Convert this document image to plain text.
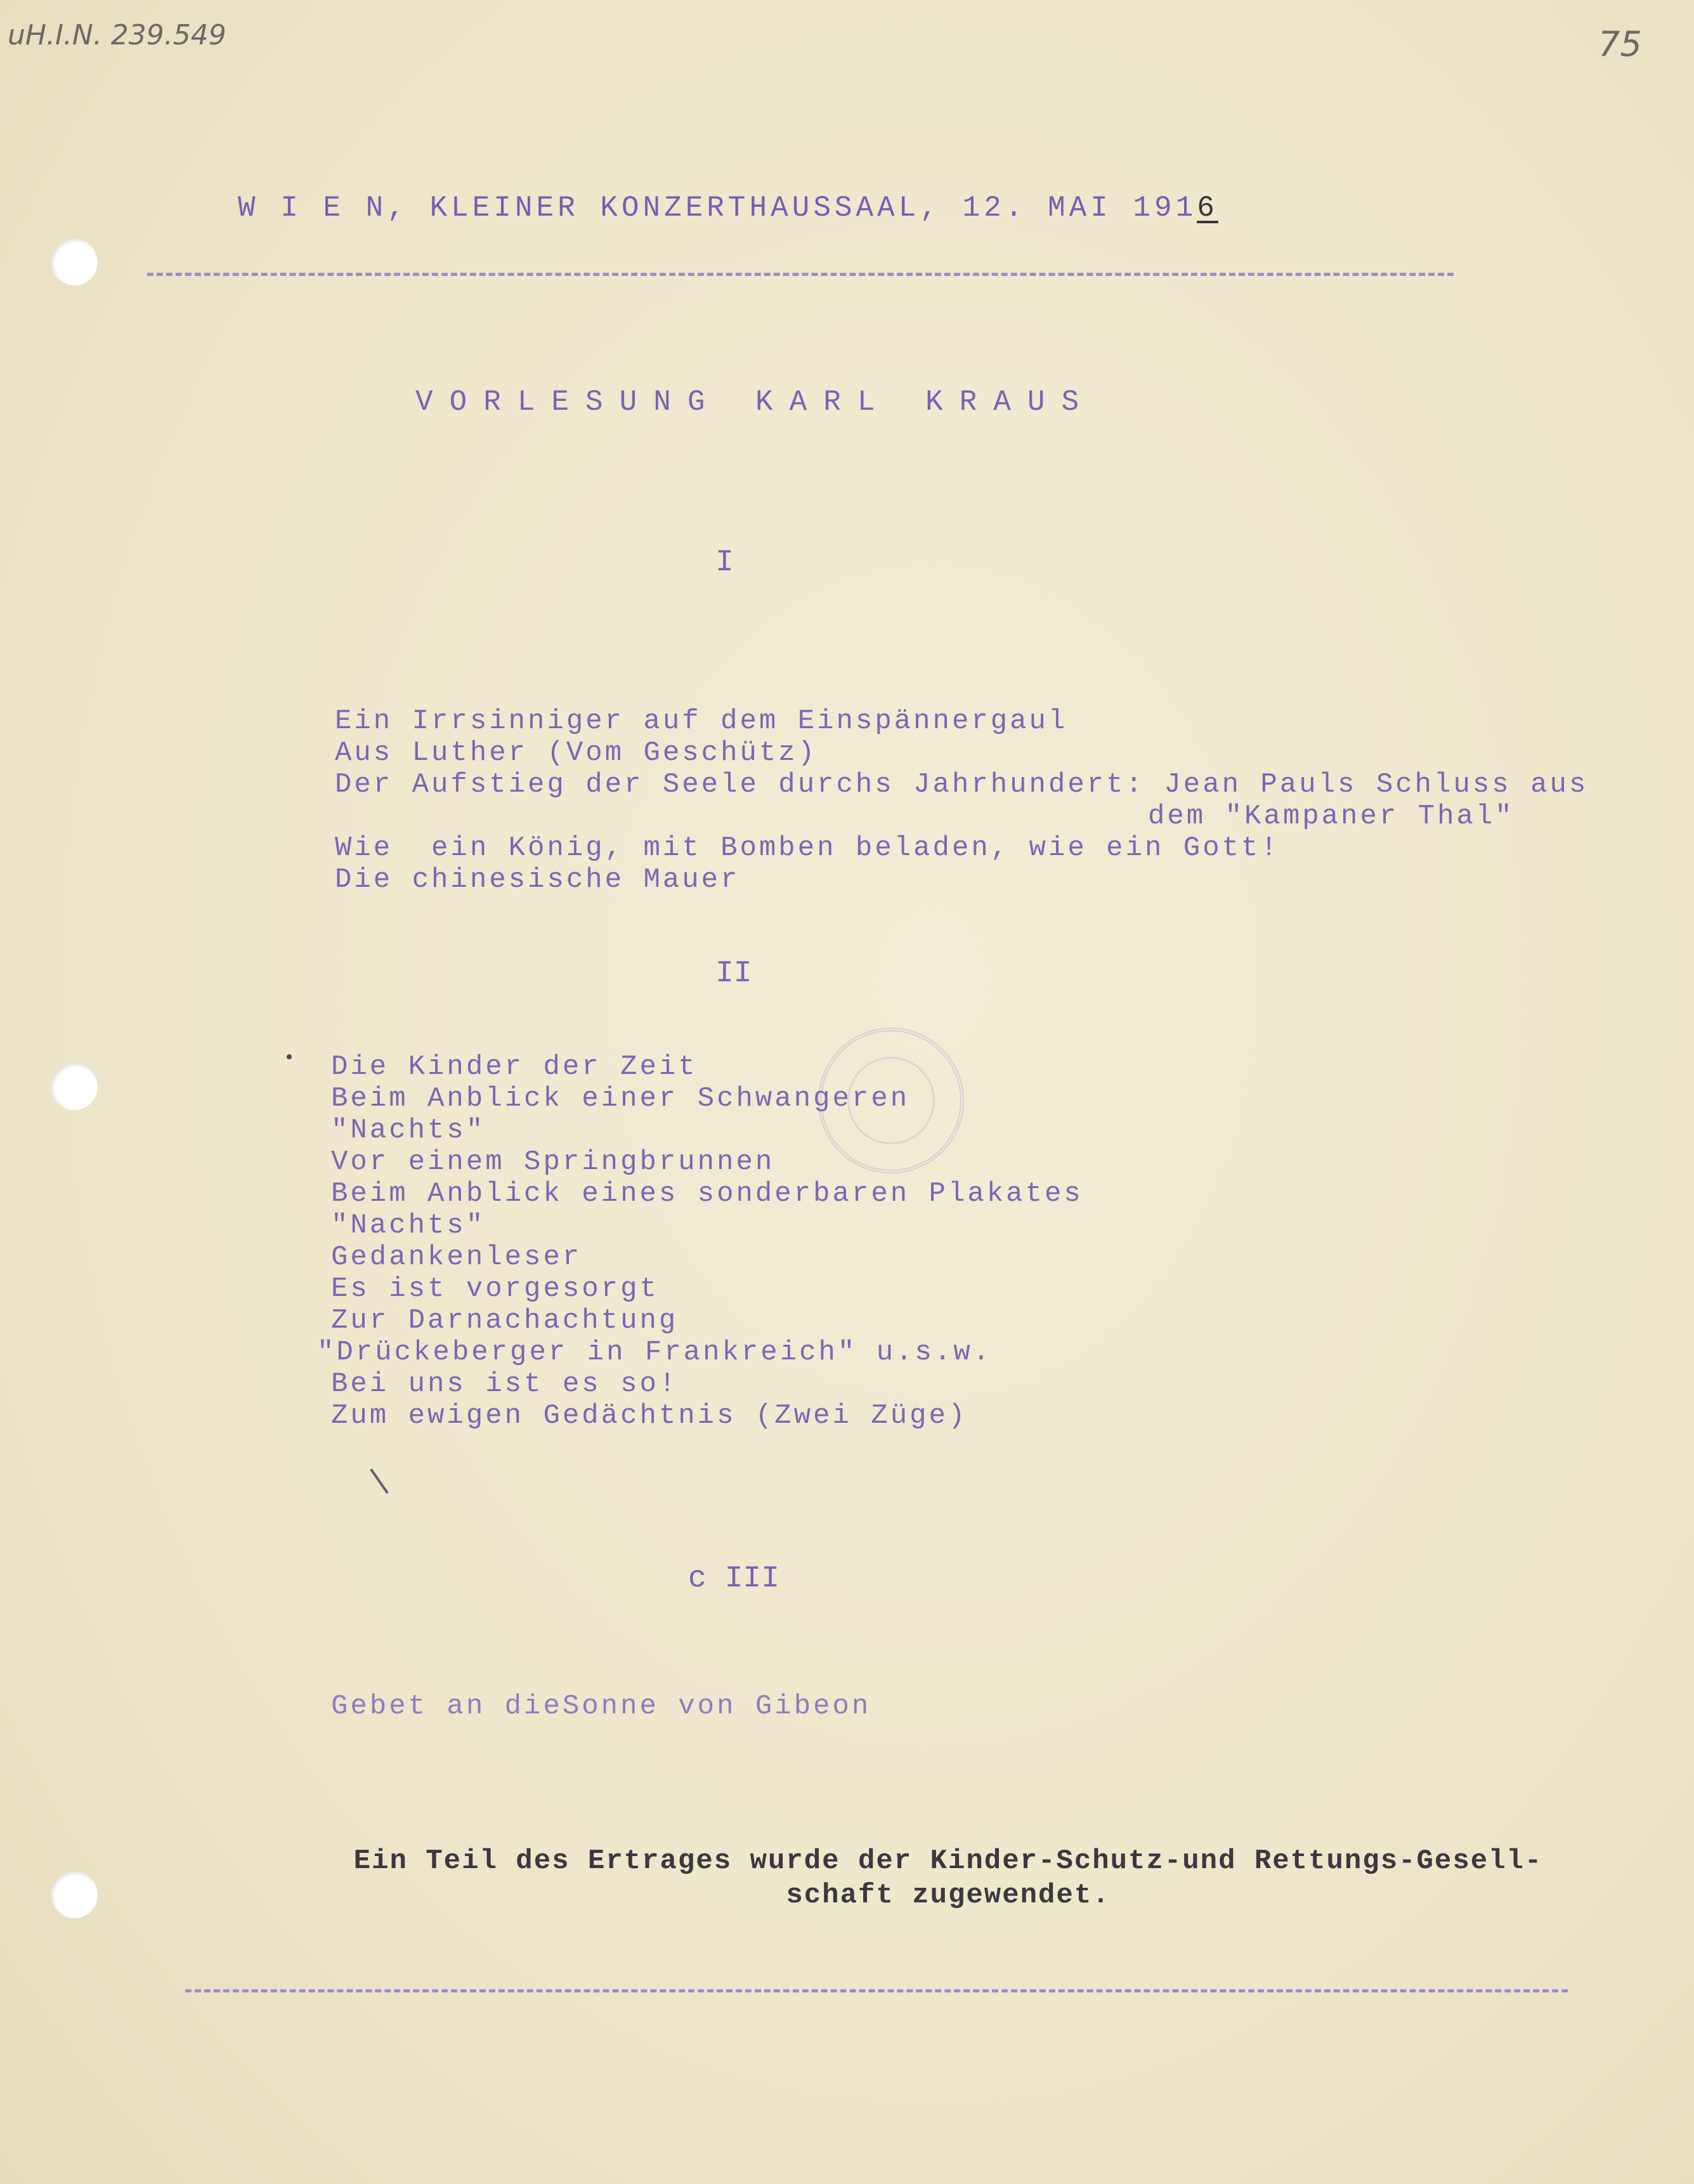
uH.I.N. 239.549	75
W I E N, KLEINER KONZERTHAUSSAAL, 12. MAI 1916
VORLESUNG KARL KRAUS
I
Ein Irrsinniger auf dem Einspännergaul
Aus Luther (Vom Geschütz)
Der Aufstieg der Seele durchs Jahrhundert: Jean Pauls Schluss aus
Wie  ein König, mit Bomben beladen, wie ein Gott!
Die chinesische Mauer
dem "Kampaner Thal"
II
Die Kinder der Zeit
Beim Anblick einer Schwangeren
"Nachts"
Vor einem Springbrunnen
Beim Anblick eines sonderbaren Plakates
"Nachts"
Gedankenleser
Es ist vorgesorgt
Zur Darnachachtung
"Drückeberger in Frankreich" u.s.w.
Bei uns ist es so!
Zum ewigen Gedächtnis (Zwei Züge)
c III
Gebet an dieSonne von Gibeon
Ein Teil des Ertrages wurde der Kinder-Schutz-und Rettungs-Gesell-
schaft zugewendet.
